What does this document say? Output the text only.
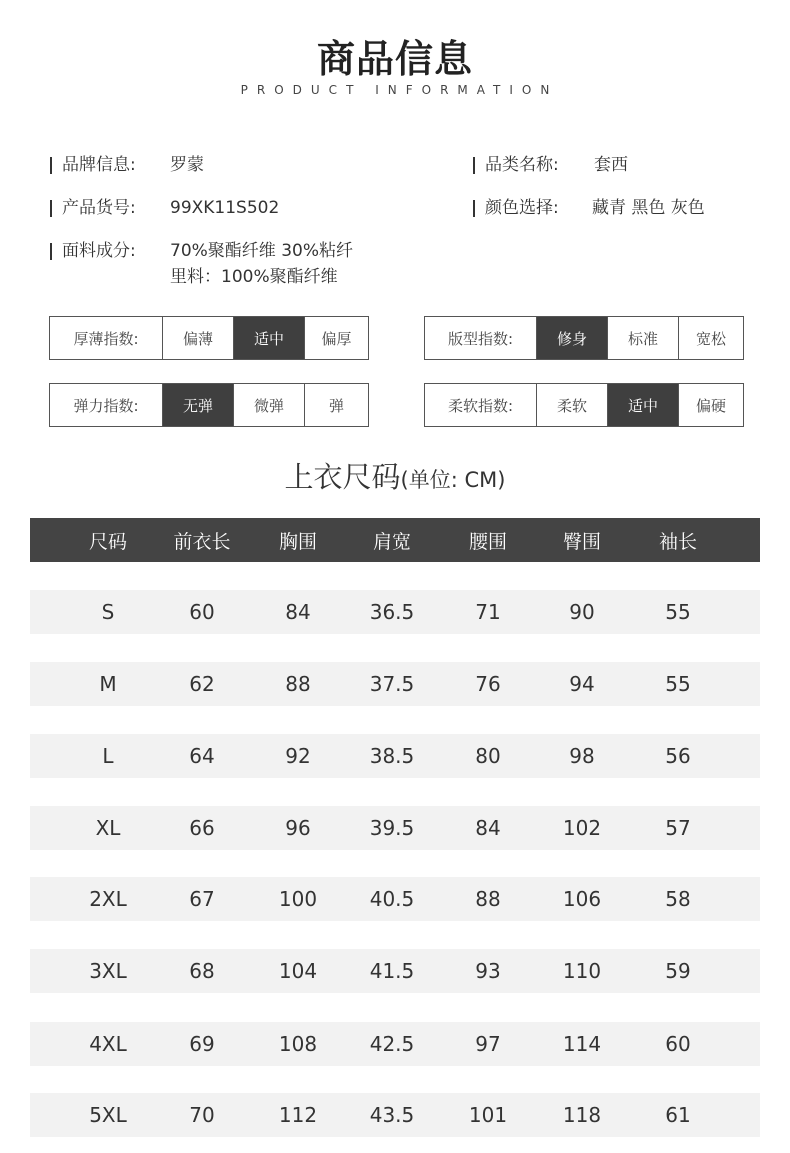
商品信息
PRODUCT INFORMATION
品牌信息: 罗蒙	品类名称: 套西
产品货号: 99XK11S502	颜色选择: 藏青 黑色 灰色
面料成分: 70%聚酯纤维 30%粘纤
里料：100%聚酯纤维
厚薄指数:	偏薄	适中	偏厚	版型指数:	修身	标准	宽松
弹力指数:	无弹	微弹	弹	柔软指数:	柔软	适中	偏硬
上衣尺码(单位: CM)
尺码	前衣长	胸围	肩宽	腰围	臀围	袖长
S	60	84	36.5	71	90	55
M	62	88	37.5	76	94	55
L	64	92	38.5	80	98	56
XL	66	96	39.5	84	102	57
2XL	67	100	40.5	88	106	58
3XL	68	104	41.5	93	110	59
4XL	69	108	42.5	97	114	60
5XL	70	112	43.5	101	118	61
